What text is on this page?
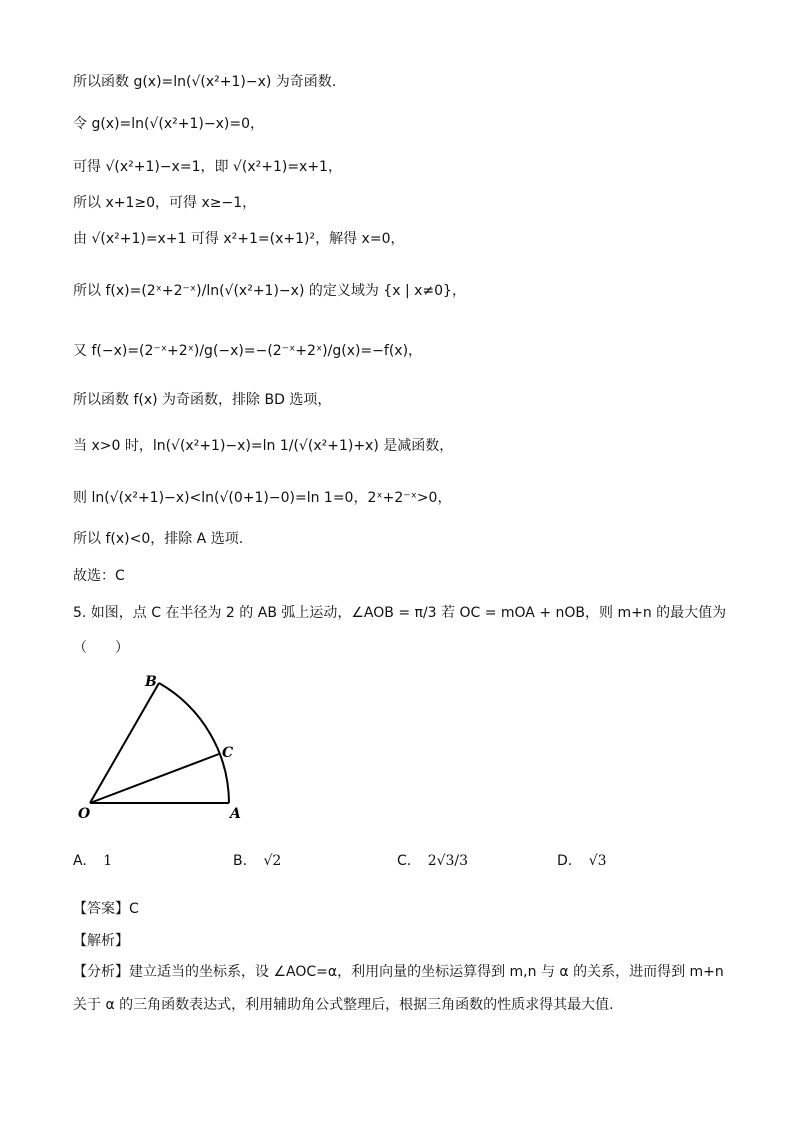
所以函数 g(x)=ln(√(x²+1)−x) 为奇函数.
令 g(x)=ln(√(x²+1)−x)=0，
可得 √(x²+1)−x=1，即 √(x²+1)=x+1，
所以 x+1≥0，可得 x≥−1，
由 √(x²+1)=x+1 可得 x²+1=(x+1)²，解得 x=0，
所以 f(x)=(2ˣ+2⁻ˣ)/ln(√(x²+1)−x) 的定义域为 {x | x≠0}，
又 f(−x)=(2⁻ˣ+2ˣ)/g(−x)=−(2⁻ˣ+2ˣ)/g(x)=−f(x)，
所以函数 f(x) 为奇函数，排除 BD 选项，
当 x>0 时，ln(√(x²+1)−x)=ln 1/(√(x²+1)+x) 是减函数，
则 ln(√(x²+1)−x)<ln(√(0+1)−0)=ln 1=0，2ˣ+2⁻ˣ>0，
所以 f(x)<0，排除 A 选项.
故选：C
5. 如图，点 C 在半径为 2 的 AB 弧上运动，∠AOB = π/3 若 OC = mOA + nOB，则 m+n 的最大值为
（　　）
B
C
O	A
A. 1	B. √2	C. 2√3/3	D. √3
【答案】C
【解析】
【分析】建立适当的坐标系，设 ∠AOC=α，利用向量的坐标运算得到 m,n 与 α 的关系，进而得到 m+n
关于 α 的三角函数表达式，利用辅助角公式整理后，根据三角函数的性质求得其最大值.
